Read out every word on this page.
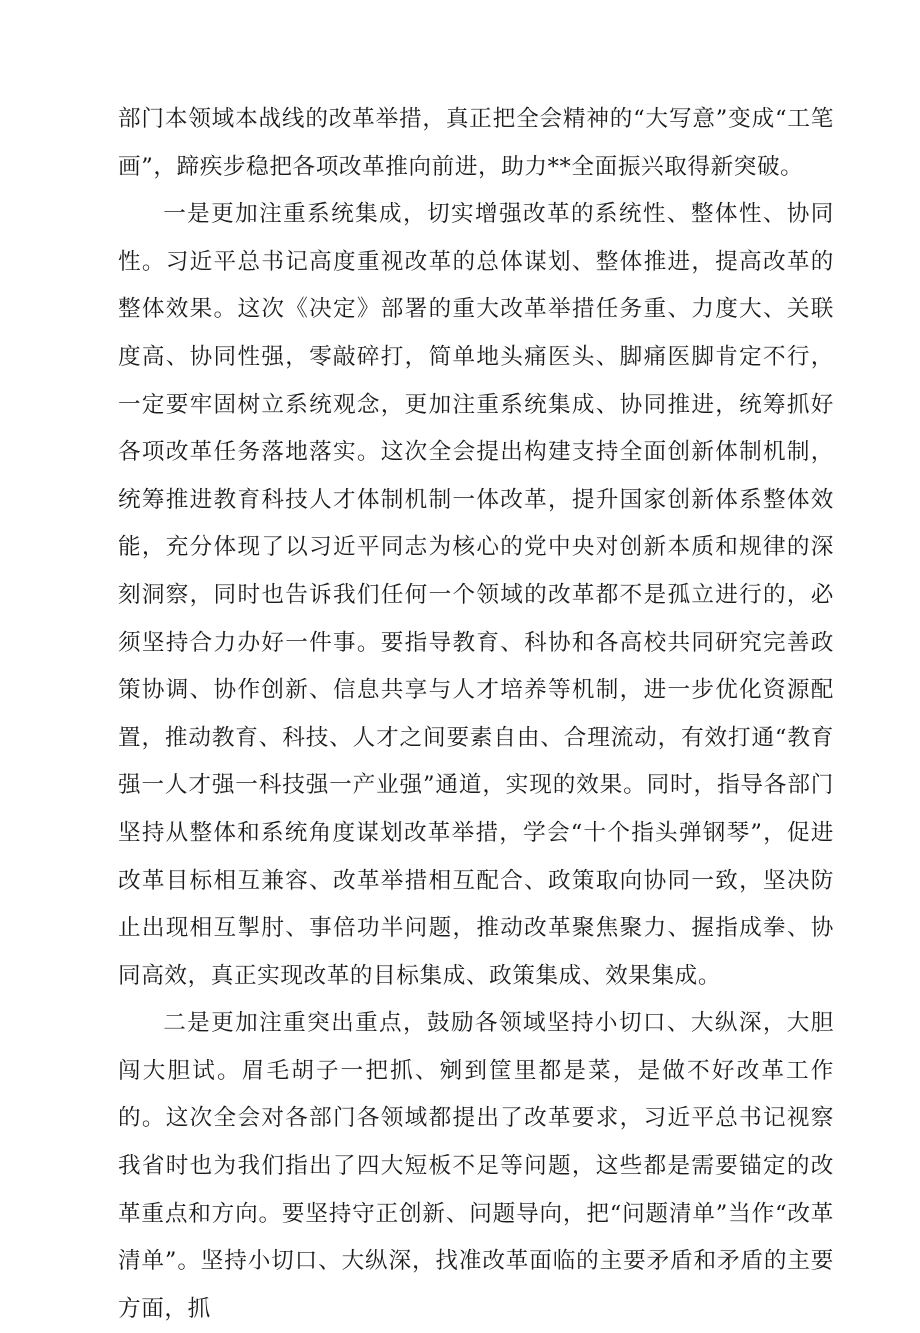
部门本领域本战线的改革举措，真正把全会精神的“大写意”变成“工笔画”，蹄疾步稳把各项改革推向前进，助力**全面振兴取得新突破。

一是更加注重系统集成，切实增强改革的系统性、整体性、协同性。习近平总书记高度重视改革的总体谋划、整体推进，提高改革的整体效果。这次《决定》部署的重大改革举措任务重、力度大、关联度高、协同性强，零敲碎打，简单地头痛医头、脚痛医脚肯定不行，一定要牢固树立系统观念，更加注重系统集成、协同推进，统筹抓好各项改革任务落地落实。这次全会提出构建支持全面创新体制机制，统筹推进教育科技人才体制机制一体改革，提升国家创新体系整体效能，充分体现了以习近平同志为核心的党中央对创新本质和规律的深刻洞察，同时也告诉我们任何一个领域的改革都不是孤立进行的，必须坚持合力办好一件事。要指导教育、科协和各高校共同研究完善政策协调、协作创新、信息共享与人才培养等机制，进一步优化资源配置，推动教育、科技、人才之间要素自由、合理流动，有效打通“教育强一人才强一科技强一产业强”通道，实现的效果。同时，指导各部门坚持从整体和系统角度谋划改革举措，学会“十个指头弹钢琴”，促进改革目标相互兼容、改革举措相互配合、政策取向协同一致，坚决防止出现相互掣肘、事倍功半问题，推动改革聚焦聚力、握指成拳、协同高效，真正实现改革的目标集成、政策集成、效果集成。

二是更加注重突出重点，鼓励各领域坚持小切口、大纵深，大胆闯大胆试。眉毛胡子一把抓、剜到筐里都是菜，是做不好改革工作的。这次全会对各部门各领域都提出了改革要求，习近平总书记视察我省时也为我们指出了四大短板不足等问题，这些都是需要锚定的改革重点和方向。要坚持守正创新、问题导向，把“问题清单”当作“改革清单”。坚持小切口、大纵深，找准改革面临的主要矛盾和矛盾的主要方面，抓
